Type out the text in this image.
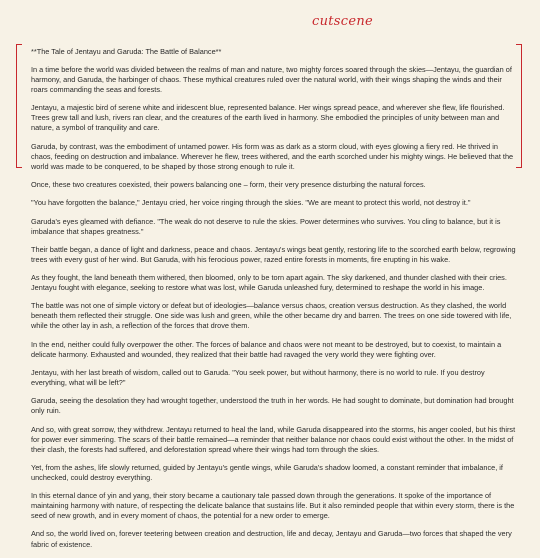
cutscene

**The Tale of Jentayu and Garuda: The Battle of Balance**

In a time before the world was divided between the realms of man and nature, two mighty forces soared through the skies—Jentayu, the guardian of harmony, and Garuda, the harbinger of chaos. These mythical creatures ruled over the natural world, with their wings shaping the winds and their roars commanding the seas and forests.

Jentayu, a majestic bird of serene white and iridescent blue, represented balance. Her wings spread peace, and wherever she flew, life flourished. Trees grew tall and lush, rivers ran clear, and the creatures of the earth lived in harmony. She embodied the principles of unity between man and nature, a symbol of tranquility and care.

Garuda, by contrast, was the embodiment of untamed power. His form was as dark as a storm cloud, with eyes glowing a fiery red. He thrived in chaos, feeding on destruction and imbalance. Wherever he flew, trees withered, and the earth scorched under his mighty wings. He believed that the world was made to be conquered, to be shaped by those strong enough to rule it.

Once, these two creatures coexisted, their powers balancing one – form, their very presence disturbing the natural forces.

"You have forgotten the balance," Jentayu cried, her voice ringing through the skies. "We are meant to protect this world, not destroy it."

Garuda's eyes gleamed with defiance. "The weak do not deserve to rule the skies. Power determines who survives. You cling to balance, but it is imbalance that shapes greatness."

Their battle began, a dance of light and darkness, peace and chaos. Jentayu's wings beat gently, restoring life to the scorched earth below, regrowing trees with every gust of her wind. But Garuda, with his ferocious power, razed entire forests in moments, fire erupting in his wake.

As they fought, the land beneath them withered, then bloomed, only to be torn apart again. The sky darkened, and thunder clashed with their cries. Jentayu fought with elegance, seeking to restore what was lost, while Garuda unleashed fury, determined to reshape the world in his image.

The battle was not one of simple victory or defeat but of ideologies—balance versus chaos, creation versus destruction. As they clashed, the world beneath them reflected their struggle. One side was lush and green, while the other became dry and barren. The trees on one side towered with life, while the other lay in ash, a reflection of the forces that drove them.

In the end, neither could fully overpower the other. The forces of balance and chaos were not meant to be destroyed, but to coexist, to maintain a delicate harmony. Exhausted and wounded, they realized that their battle had ravaged the very world they were fighting over.

Jentayu, with her last breath of wisdom, called out to Garuda. "You seek power, but without harmony, there is no world to rule. If you destroy everything, what will be left?"

Garuda, seeing the desolation they had wrought together, understood the truth in her words. He had sought to dominate, but domination had brought only ruin.

And so, with great sorrow, they withdrew. Jentayu returned to heal the land, while Garuda disappeared into the storms, his anger cooled, but his thirst for power ever simmering. The scars of their battle remained—a reminder that neither balance nor chaos could exist without the other. In the midst of their clash, the forests had suffered, and deforestation spread where their wings had torn through the skies.

Yet, from the ashes, life slowly returned, guided by Jentayu's gentle wings, while Garuda's shadow loomed, a constant reminder that imbalance, if unchecked, could destroy everything.

In this eternal dance of yin and yang, their story became a cautionary tale passed down through the generations. It spoke of the importance of maintaining harmony with nature, of respecting the delicate balance that sustains life. But it also reminded people that within every storm, there is the seed of new growth, and in every moment of chaos, the potential for a new order to emerge.

And so, the world lived on, forever teetering between creation and destruction, life and decay, Jentayu and Garuda—two forces that shaped the very fabric of existence.
